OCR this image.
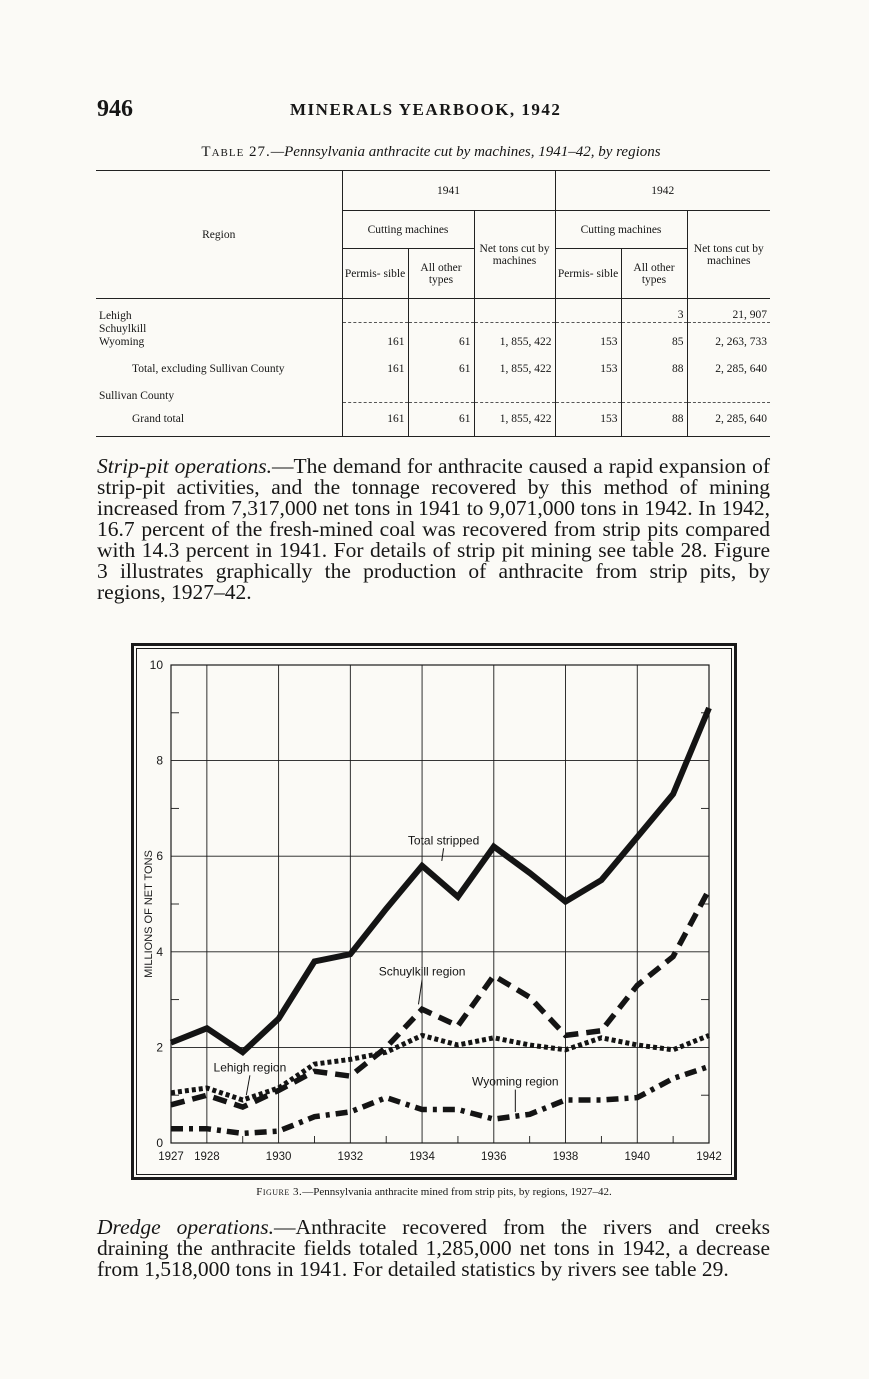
946	MINERALS YEARBOOK, 1942
Table 27.—Pennsylvania anthracite cut by machines, 1941–42, by regions
Region	1941			1942		
	Cutting machines		Net tons cut by machines	Cutting machines		Net tons cut by machines
	Permis- sible	All other types		Permis- sible	All other types	
Lehigh					3	21, 907
Schuylkill						
Wyoming	161	61	1, 855, 422	153	85	2, 263, 733
Total, excluding Sullivan County	161	61	1, 855, 422	153	88	2, 285, 640
Sullivan County						
Grand total	161	61	1, 855, 422	153	88	2, 285, 640
Strip-pit operations.—The demand for anthracite caused a rapid expansion of strip-pit activities, and the tonnage recovered by this method of mining increased from 7,317,000 net tons in 1941 to 9,071,000 tons in 1942. In 1942, 16.7 percent of the fresh-mined coal was recovered from strip pits compared with 14.3 percent in 1941. For details of strip pit mining see table 28. Figure 3 illustrates graphically the production of anthracite from strip pits, by regions, 1927–42.
0
2
4
6
8
10
1927 1928	1930	1932	1934	1936	1938	1940	1942
MILLIONS OF NET TONS
Total stripped
Schuylkill region
Lehigh region
Wyoming region
Figure 3.—Pennsylvania anthracite mined from strip pits, by regions, 1927–42.
Dredge operations.—Anthracite recovered from the rivers and creeks draining the anthracite fields totaled 1,285,000 net tons in 1942, a decrease from 1,518,000 tons in 1941. For detailed statistics by rivers see table 29.
